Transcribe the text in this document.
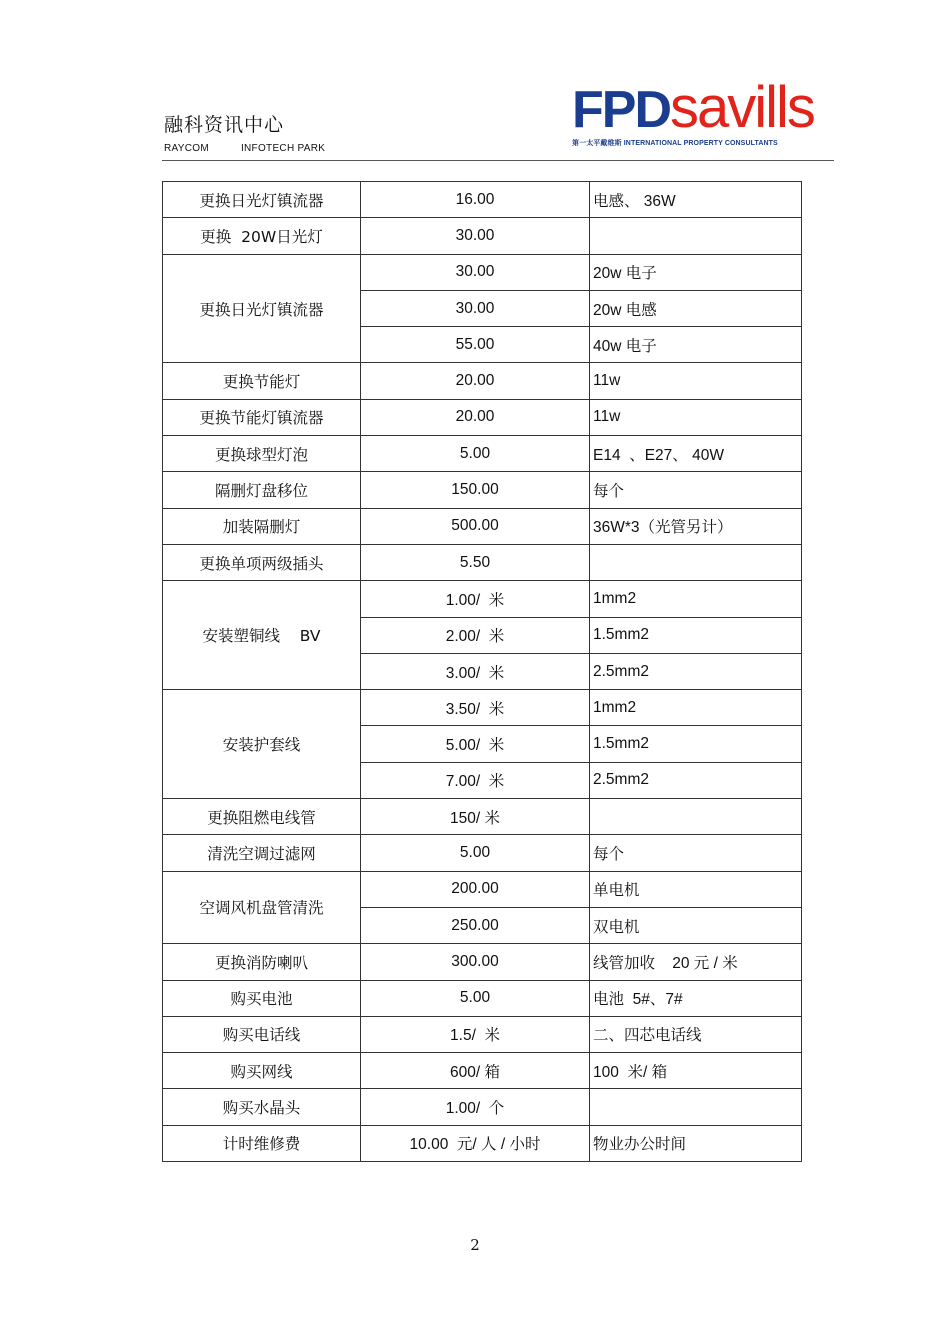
融科资讯中心
RAYCOM	INFOTECH PARK
FPDsavills
第一太平戴维斯 INTERNATIONAL PROPERTY CONSULTANTS
更换日光灯镇流器	16.00	电感、 36W
更换  20W日光灯	30.00	
更换日光灯镇流器	30.00	20w 电子
	30.00	20w 电感
	55.00	40w 电子
更换节能灯	20.00	11w
更换节能灯镇流器	20.00	11w
更换球型灯泡	5.00	E14  、E27、 40W
隔删灯盘移位	150.00	每个
加装隔删灯	500.00	36W*3（光管另计）
更换单项两级插头	5.50	
安装塑铜线    BV	1.00/  米	1mm2
	2.00/  米	1.5mm2
	3.00/  米	2.5mm2
安装护套线	3.50/  米	1mm2
	5.00/  米	1.5mm2
	7.00/  米	2.5mm2
更换阻燃电线管	150/ 米	
清洗空调过滤网	5.00	每个
空调风机盘管清洗	200.00	单电机
	250.00	双电机
更换消防喇叭	300.00	线管加收    20 元 / 米
购买电池	5.00	电池  5#、7#
购买电话线	1.5/  米	二、四芯电话线
购买网线	600/ 箱	100  米/ 箱
购买水晶头	1.00/  个	
计时维修费	10.00  元/ 人 / 小时	物业办公时间
2
